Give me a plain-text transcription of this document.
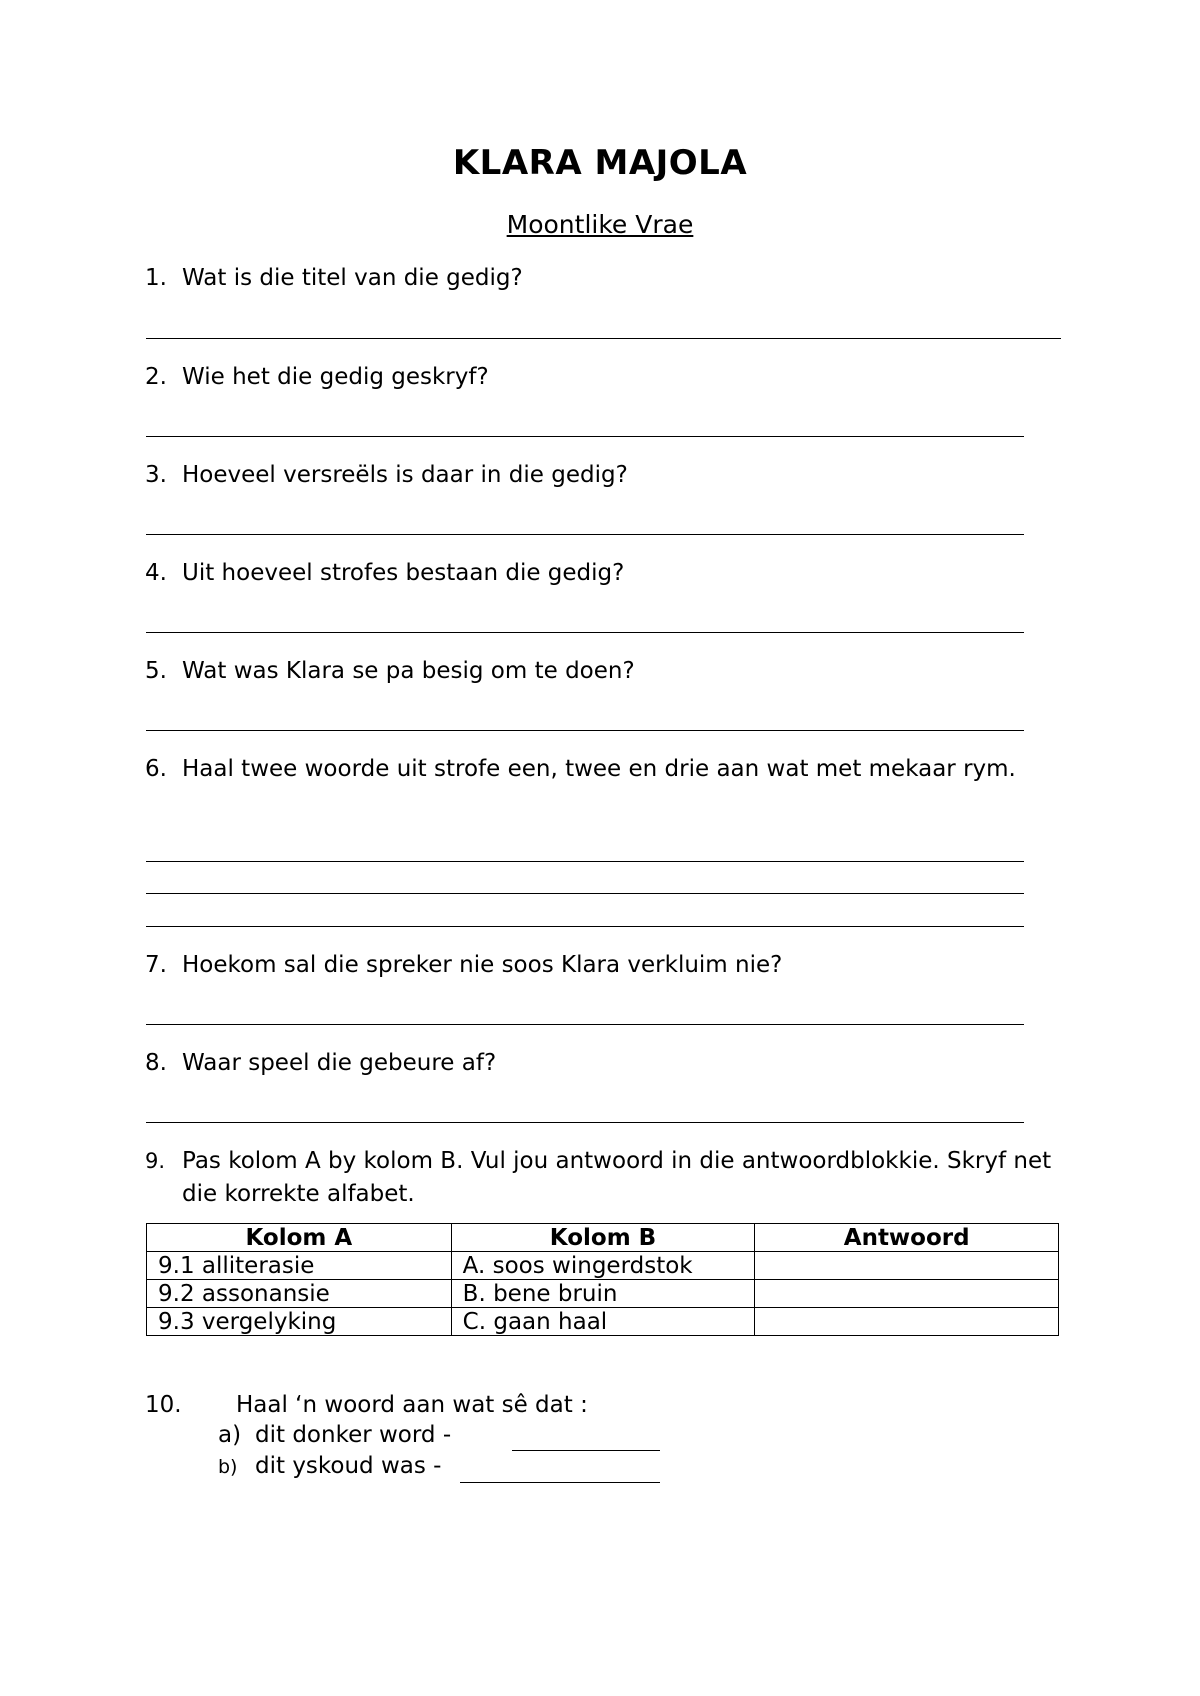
KLARA MAJOLA
Moontlike Vrae
1. Wat is die titel van die gedig?
2. Wie het die gedig geskryf?
3. Hoeveel versreëls is daar in die gedig?
4. Uit hoeveel strofes bestaan die gedig?
5. Wat was Klara se pa besig om te doen?
6. Haal twee woorde uit strofe een, twee en drie aan wat met mekaar rym.
7. Hoekom sal die spreker nie soos Klara verkluim nie?
8. Waar speel die gebeure af?
9. Pas kolom A by kolom B. Vul jou antwoord in die antwoordblokkie. Skryf net die korrekte alfabet.
Kolom A	Kolom B	Antwoord
9.1 alliterasie	A. soos wingerdstok	
9.2 assonansie	B. bene bruin	
9.3 vergelyking	C. gaan haal	
10. Haal ‘n woord aan wat sê dat :
a) dit donker word -
b) dit yskoud was -
